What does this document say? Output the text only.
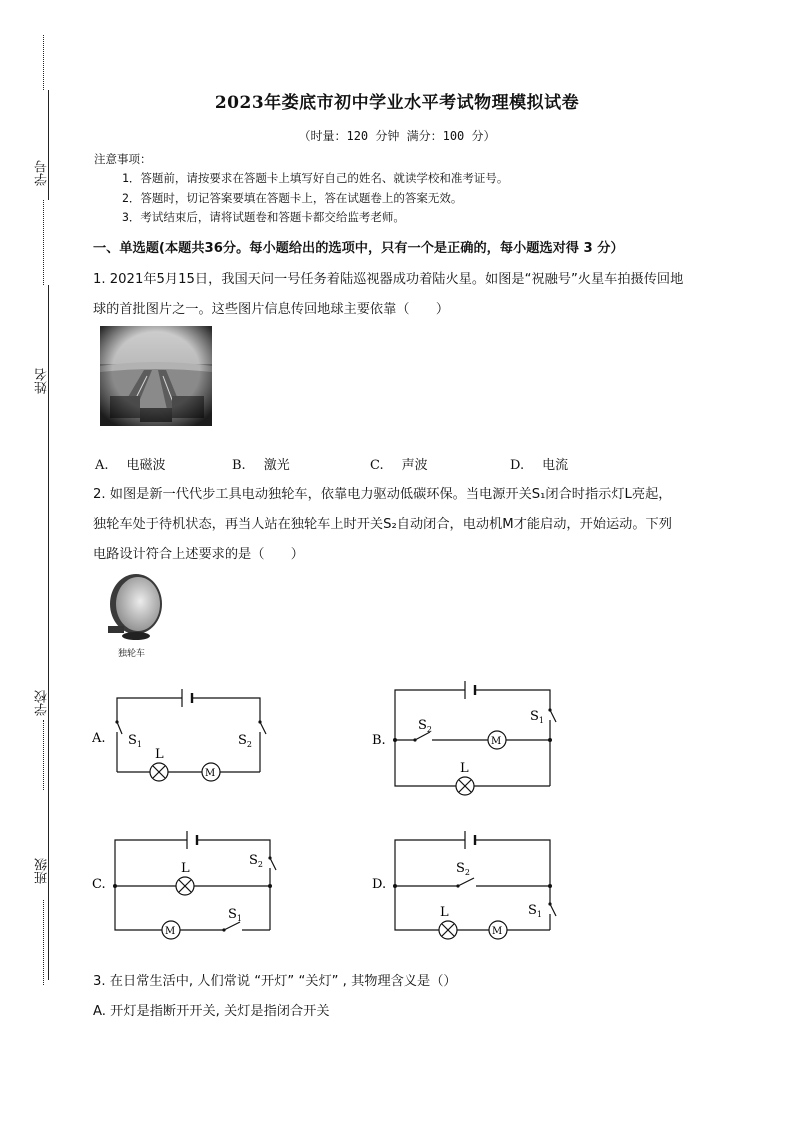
学号
姓名
学校
班级
2023年娄底市初中学业水平考试物理模拟试卷
（时量：120 分钟 满分：100 分）
注意事项：
1．答题前，请按要求在答题卡上填写好自己的姓名、就读学校和准考证号。
2．答题时，切记答案要填在答题卡上，答在试题卷上的答案无效。
3．考试结束后，请将试题卷和答题卡都交给监考老师。
一、单选题(本题共36分。每小题给出的选项中，只有一个是正确的，每小题选对得 3 分）
1. 2021年5月15日，我国天问一号任务着陆巡视器成功着陆火星。如图是“祝融号”火星车拍摄传回地
球的首批图片之一。这些图片信息传回地球主要依靠（　　）
A. 电磁波	B. 激光	C. 声波	D. 电流
2. 如图是新一代代步工具电动独轮车，依靠电力驱动低碳环保。当电源开关S₁闭合时指示灯L亮起，
独轮车处于待机状态，再当人站在独轮车上时开关S₂自动闭合，电动机M才能启动，开始运动。下列
电路设计符合上述要求的是（　　）
独轮车
A. $S_1$	$S_2$
L
M
B.
$S_2$
$S_1$
L
M
C.
L
$S_2$
$S_1$
M
D.
$S_2$
L	$S_1$
M
3. 在日常生活中, 人们常说 “开灯” “关灯” , 其物理含义是（）
A. 开灯是指断开开关, 关灯是指闭合开关
